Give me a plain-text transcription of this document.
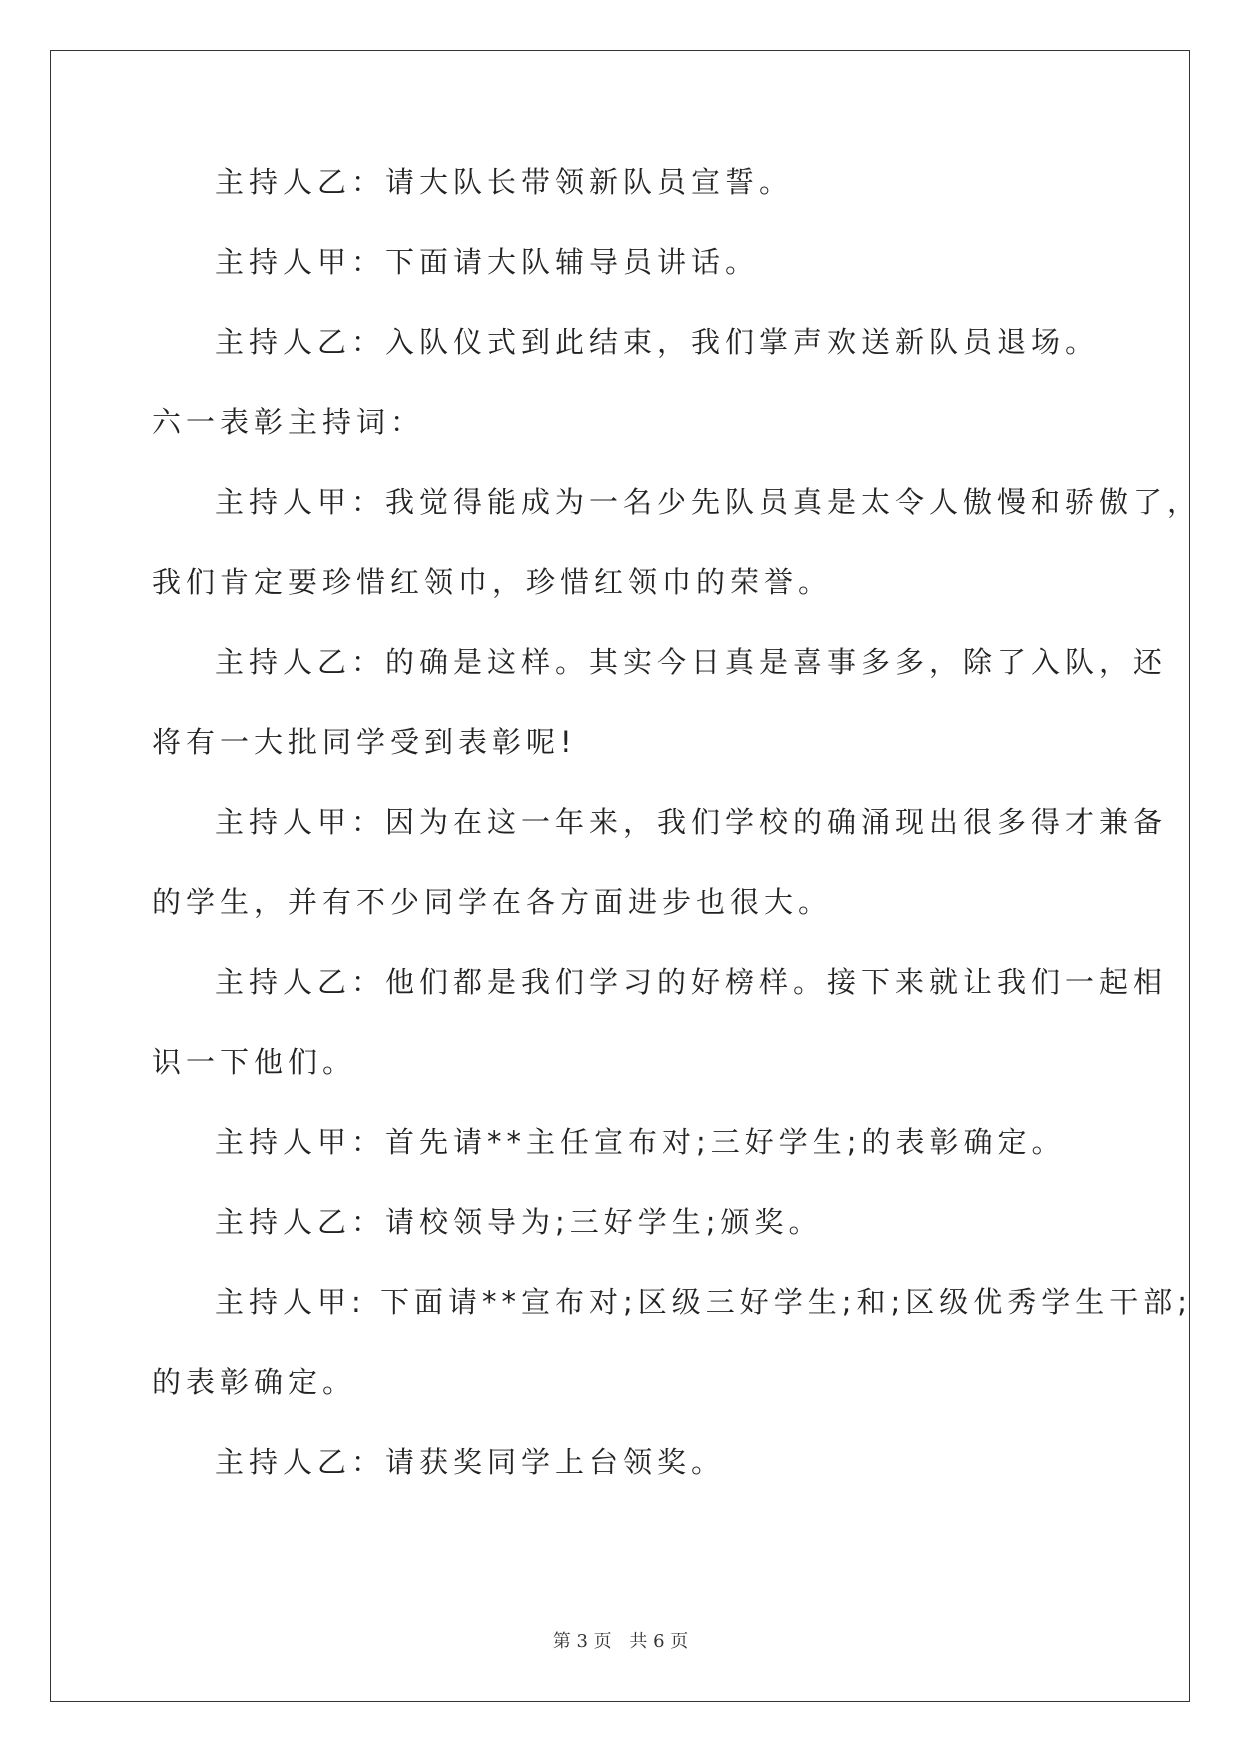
主持人乙：请大队长带领新队员宣誓。

主持人甲：下面请大队辅导员讲话。

主持人乙：入队仪式到此结束，我们掌声欢送新队员退场。

六一表彰主持词：

主持人甲：我觉得能成为一名少先队员真是太令人傲慢和骄傲了，

我们肯定要珍惜红领巾，珍惜红领巾的荣誉。

主持人乙：的确是这样。其实今日真是喜事多多，除了入队，还

将有一大批同学受到表彰呢!

主持人甲：因为在这一年来，我们学校的确涌现出很多得才兼备

的学生，并有不少同学在各方面进步也很大。

主持人乙：他们都是我们学习的好榜样。接下来就让我们一起相

识一下他们。

主持人甲：首先请**主任宣布对;三好学生;的表彰确定。

主持人乙：请校领导为;三好学生;颁奖。

主持人甲: 下面请**宣布对;区级三好学生;和;区级优秀学生干部;

的表彰确定。

主持人乙：请获奖同学上台领奖。

第 3 页 共 6 页
